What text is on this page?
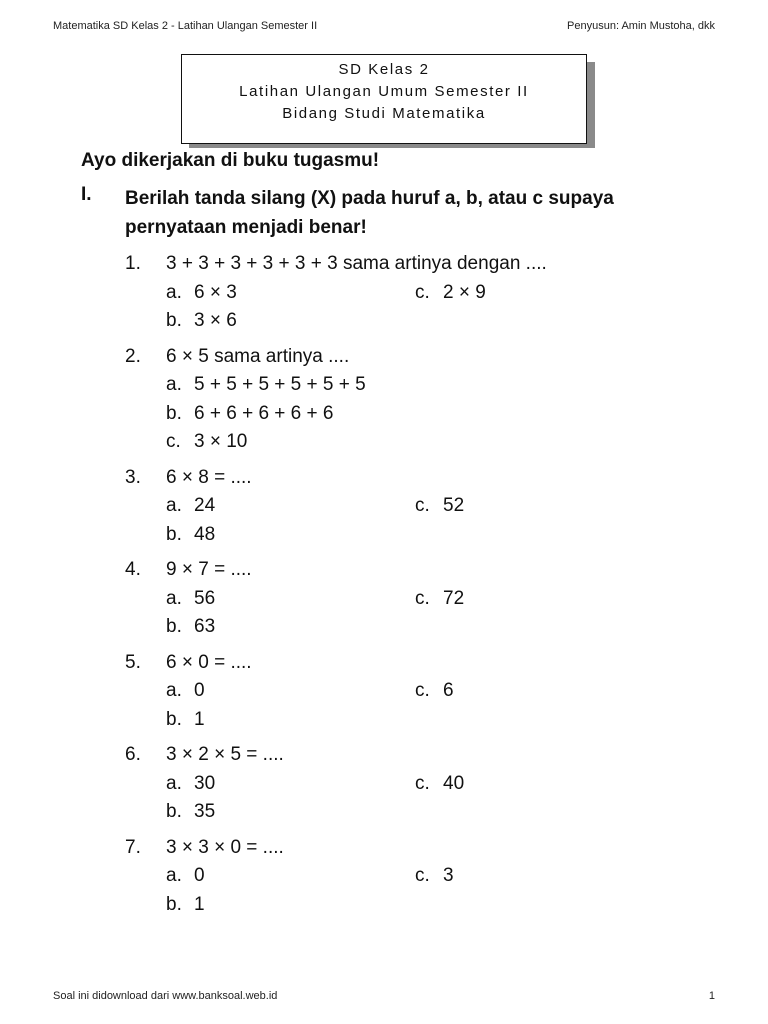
Matematika SD Kelas 2 - Latihan Ulangan Semester II	Penyusun: Amin Mustoha, dkk
SD Kelas 2
Latihan Ulangan Umum Semester II
Bidang Studi Matematika
Ayo dikerjakan di buku tugasmu!
I. Berilah tanda silang (X) pada huruf a, b, atau c supaya
pernyataan menjadi benar!
1. 3 + 3 + 3 + 3 + 3 + 3 sama artinya dengan ....
a. 6 × 3	c. 2 × 9
b. 3 × 6
2. 6 × 5 sama artinya ....
a. 5 + 5 + 5 + 5 + 5 + 5
b. 6 + 6 + 6 + 6 + 6
c. 3 × 10
3. 6 × 8 = ....
a. 24	c. 52
b. 48
4. 9 × 7 = ....
a. 56	c. 72
b. 63
5. 6 × 0 = ....
a. 0	c. 6
b. 1
6. 3 × 2 × 5 = ....
a. 30	c. 40
b. 35
7. 3 × 3 × 0 = ....
a. 0	c. 3
b. 1
Soal ini didownload dari www.banksoal.web.id	1
